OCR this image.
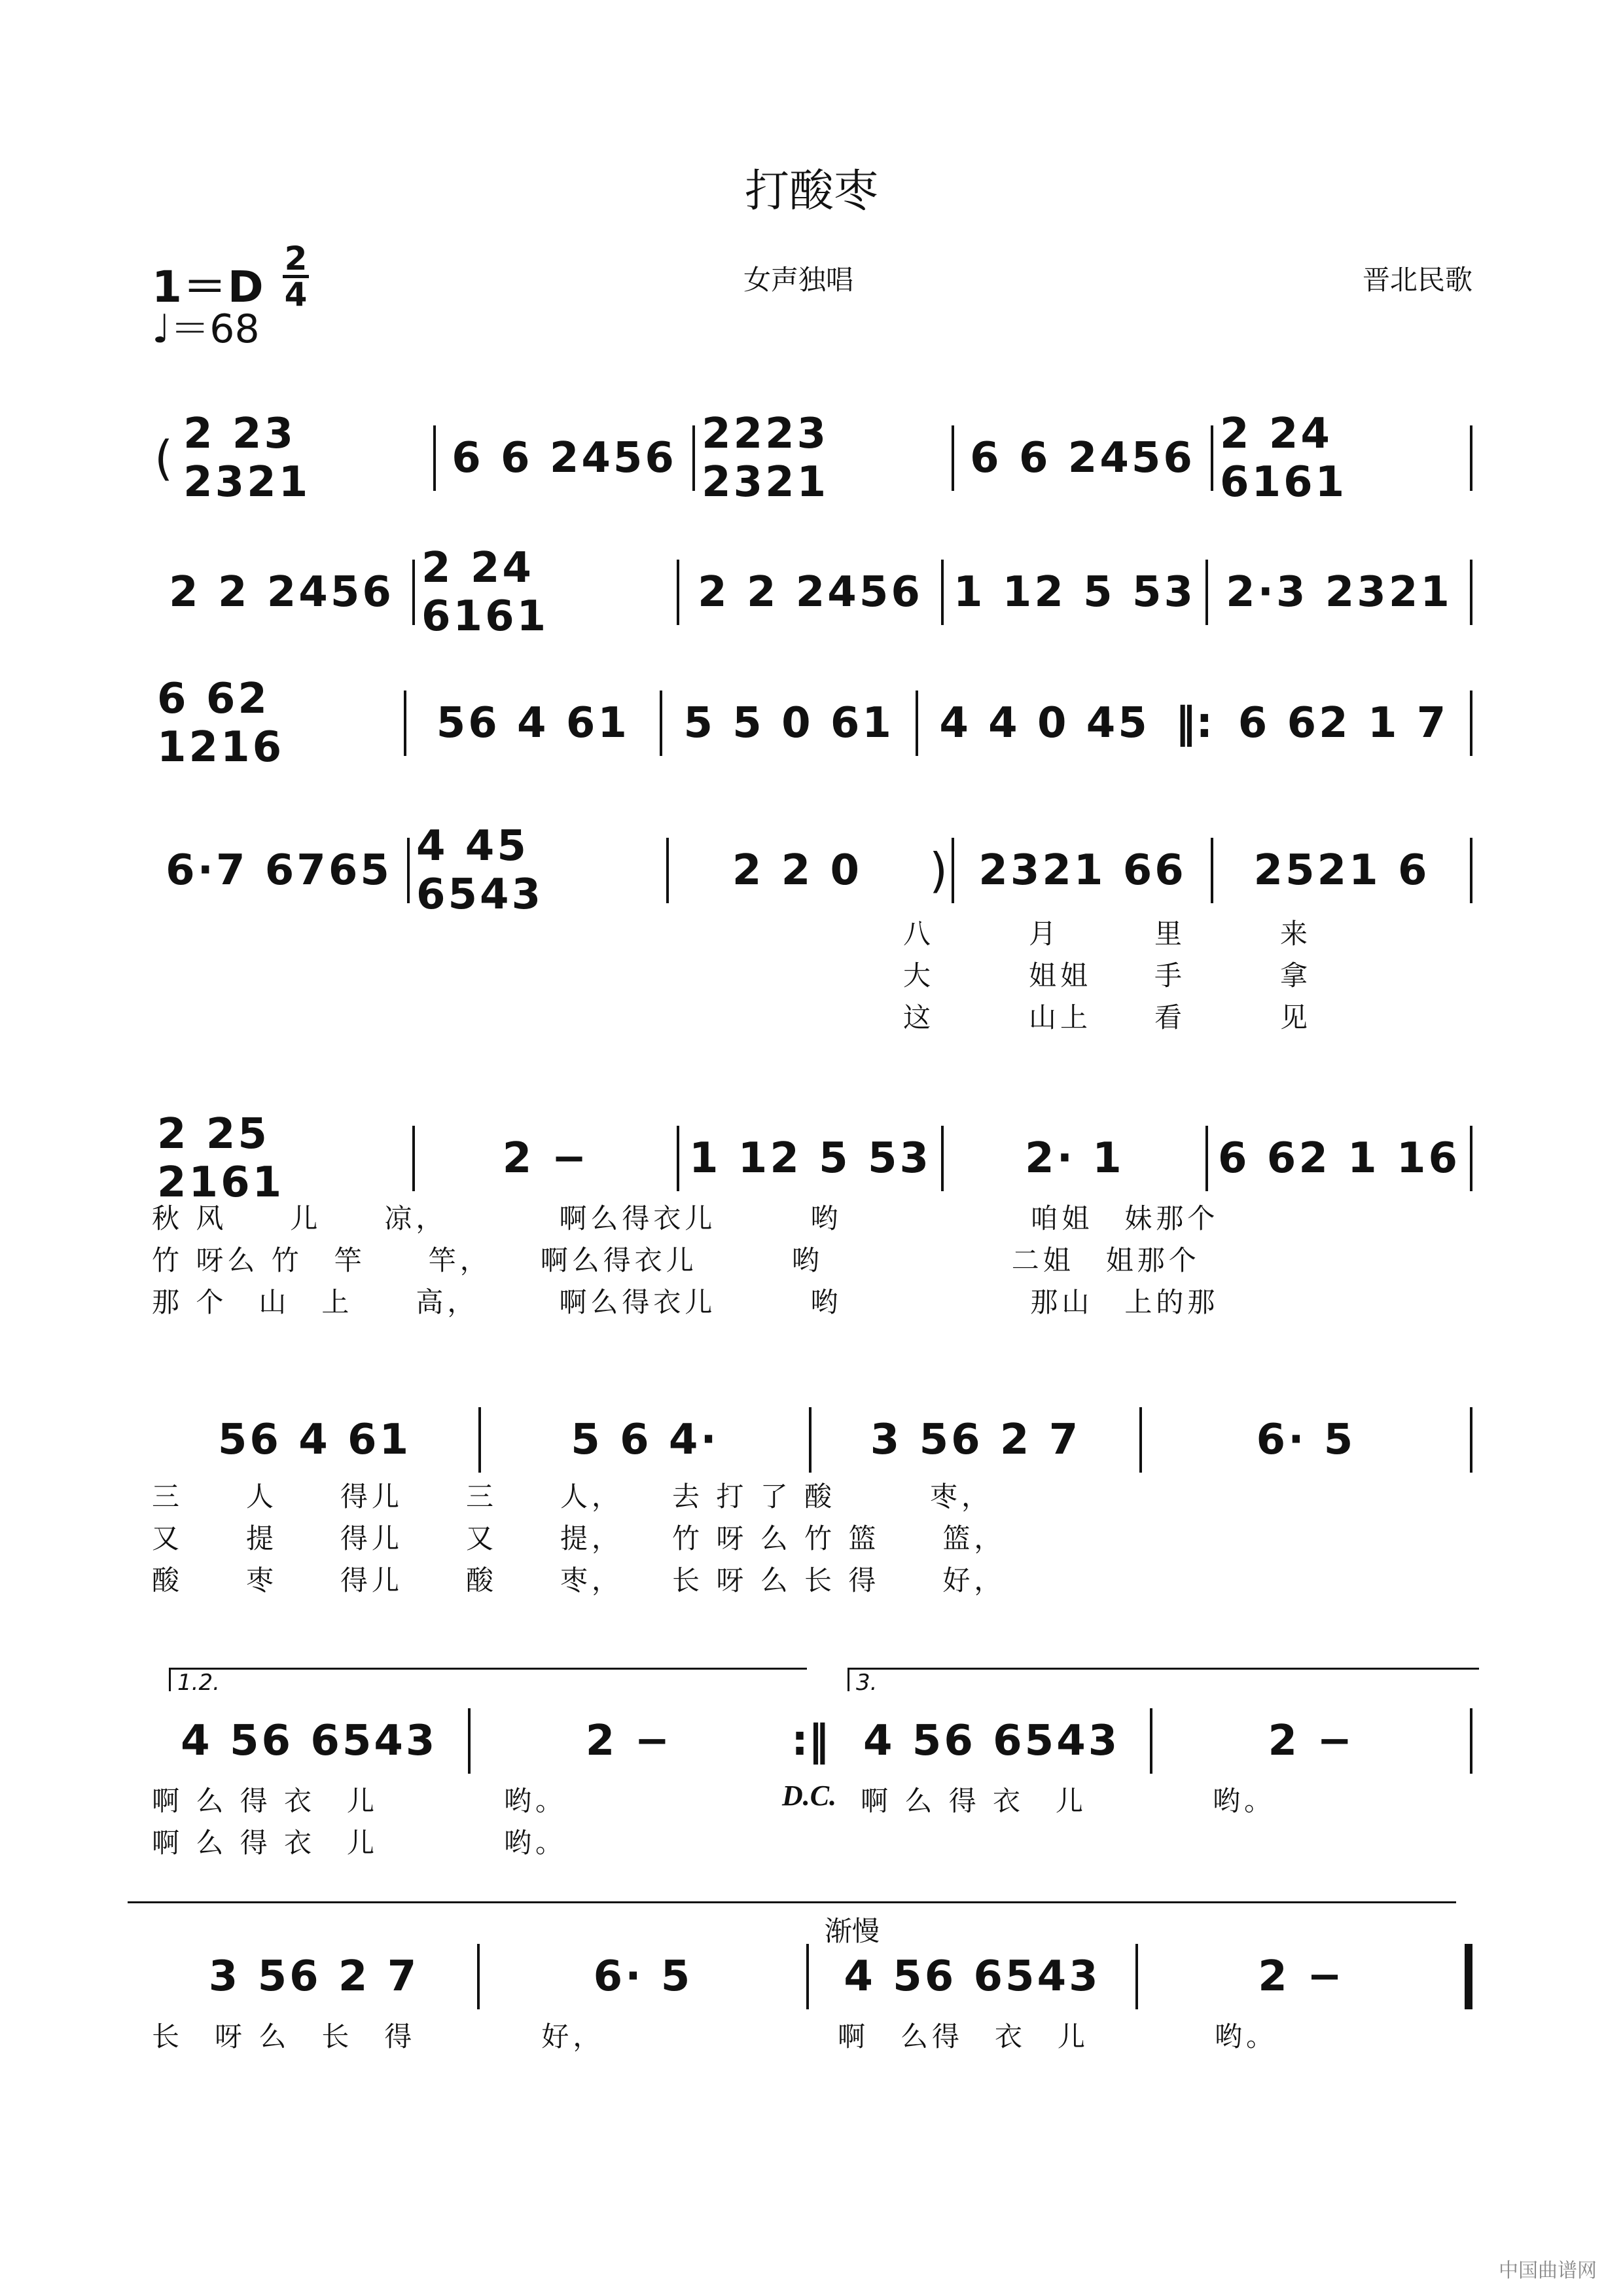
打酸枣
1＝D
2
4
♩＝68
女声独唱	晋北民歌
( 2 23 2321	6 6 2456 2223 2321	6 6 2456 2 24 6161
2 2 2456 2 24 6161	2 2 2456 1 12 5 53 2·3 2321
6 62 1216	56 4 61	5 5 0 61	4 4 0 45 ‖: 6 62 1 7
6·7 6765 4 45 6543	2 2 0	) 2321 66	2521 6
八　　　月　　　里　　　来
大　　　姐姐　　手　　　拿
这　　　山上　　看　　　见
2 25 2161	2 −	1 12 5 53	2· 1	6 62 1 16
秋 风　　儿　　凉，　　　　啊么得衣儿　　　哟　　　　　　咱姐　妹那个
竹 呀么 竹　竿　　竿，　　啊么得衣儿　　　哟　　　　　　二姐　姐那个
那 个　山　上　　高，　　　啊么得衣儿　　　哟　　　　　　那山　上的那
56 4 61	5 6 4·	3 56 2 7	6· 5
三　　人　　得儿　　三　　人，　　去 打 了 酸　　　枣，
又　　提　　得儿　　又　　提，　　竹 呀 么 竹 篮　　篮，
酸　　枣　　得儿　　酸　　枣，　　长 呀 么 长 得　　好，
1.2.	3.
4 56 6543	2 −	:‖ 4 56 6543	2 −
啊 么 得 衣　儿　　　　哟。
啊 么 得 衣　儿　　　　哟。
D.C. 啊 么 得 衣　儿　　　　哟。
渐慢
3 56 2 7	6· 5	4 56 6543	2 −
长　呀 么　长　得　　　　好，	啊　么得　衣　儿　　　　哟。
中国曲谱网
